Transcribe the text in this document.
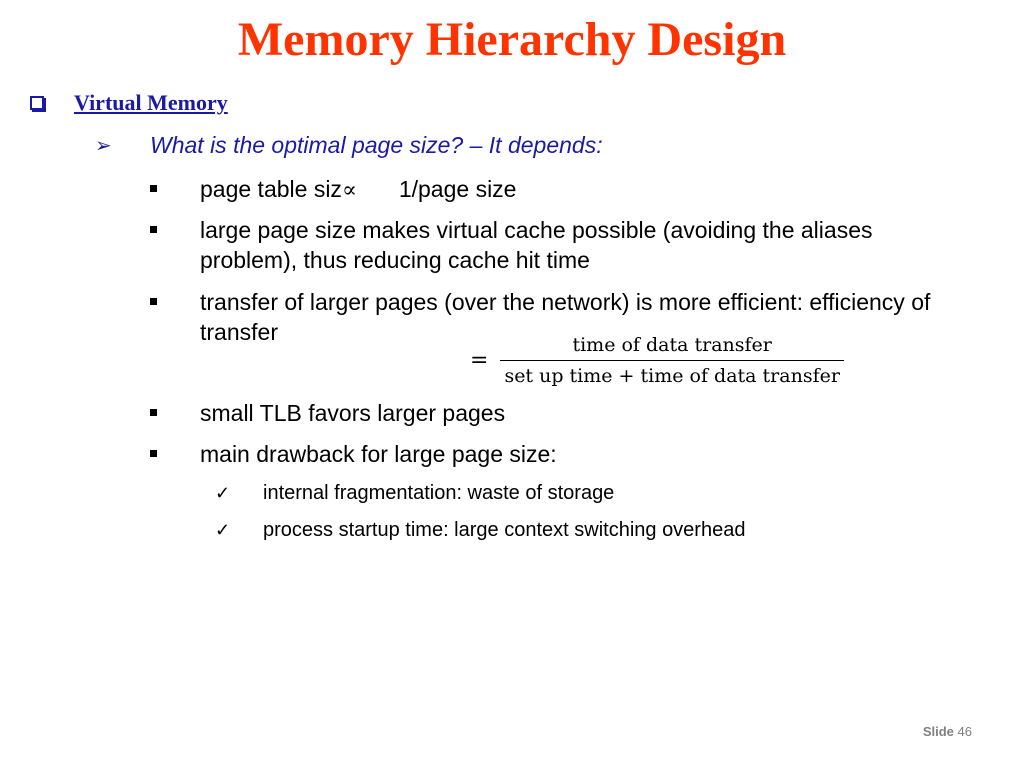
Memory Hierarchy Design
Virtual Memory
➢	What is the optimal page size? – It depends:
page table siz∝ 1/page size
large page size makes virtual cache possible (avoiding the aliases problem), thus reducing cache hit time
transfer of larger pages (over the network) is more efficient: efficiency of transfer
= $\frac{\text{time of data transfer}}{\text{set up time + time of data transfer}}$
small TLB favors larger pages
main drawback for large page size:
✓	internal fragmentation: waste of storage
✓	process startup time: large context switching overhead
Slide 46
